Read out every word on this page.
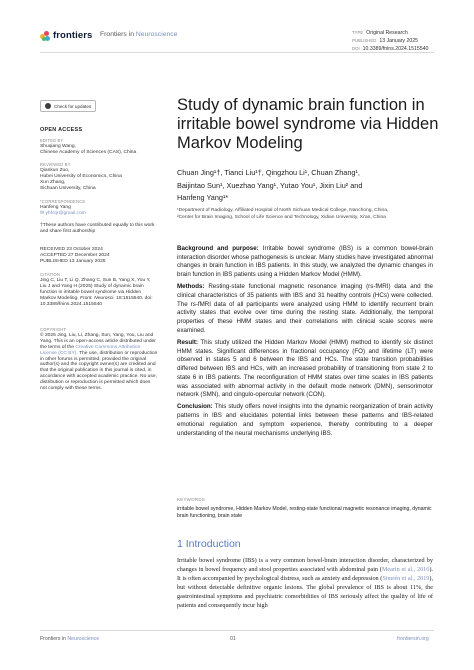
frontiers Frontiers in Neuroscience	TYPE Original Research
PUBLISHED 13 January 2025
DOI 10.3389/fnins.2024.1515540
Check for updates
OPEN ACCESS
EDITED BY
Shuqiang Wang,
Chinese Academy of Sciences (CAS), China
REVIEWED BY
Qiankun Zuo,
Hubei University of Economics, China
Xun Zhang,
Sichuan University, China
*CORRESPONDENCE
Hanfeng Yang
✉ yhfctjr@gmail.com
†These authors have contributed equally to this work and share first authorship
RECEIVED 23 October 2024
ACCEPTED 27 December 2024
PUBLISHED 13 January 2025
CITATION
Jing C, Liu T, Li Q, Zhang C, Sun B, Yang X, You Y, Liu J and Yang H (2025) Study of dynamic brain function in irritable bowel syndrome via Hidden Markov Modeling. Front. Neurosci. 18:1515540. doi: 10.3389/fnins.2024.1515540
COPYRIGHT
© 2025 Jing, Liu, Li, Zhang, Sun, Yang, You, Liu and Yang. This is an open-access article distributed under the terms of the Creative Commons Attribution License (CC BY). The use, distribution or reproduction in other forums is permitted, provided the original author(s) and the copyright owner(s) are credited and that the original publication in this journal is cited, in accordance with accepted academic practice. No use, distribution or reproduction is permitted which does not comply with these terms.
Study of dynamic brain function in irritable bowel syndrome via Hidden Markov Modeling
Chuan Jing¹†, Tianci Liu¹†, Qingzhou Li¹, Chuan Zhang¹,
Baijintao Sun¹, Xuezhao Yang¹, Yutao You¹, Jixin Liu² and
Hanfeng Yang¹*
¹Department of Radiology, Affiliated Hospital of North Sichuan Medical College, Nanchong, China,
²Center for Brain Imaging, School of Life Science and Technology, Xidian University, Xi'an, China

Background and purpose: Irritable bowel syndrome (IBS) is a common bowel-brain interaction disorder whose pathogenesis is unclear. Many studies have investigated abnormal changes in brain function in IBS patients. In this study, we analyzed the dynamic changes in brain function in IBS patients using a Hidden Markov Model (HMM).

Methods: Resting-state functional magnetic resonance imaging (rs-fMRI) data and the clinical characteristics of 35 patients with IBS and 31 healthy controls (HCs) were collected. The rs-fMRI data of all participants were analyzed using HMM to identify recurrent brain activity states that evolve over time during the resting state. Additionally, the temporal properties of these HMM states and their correlations with clinical scale scores were examined.

Result: This study utilized the Hidden Markov Model (HMM) method to identify six distinct HMM states. Significant differences in fractional occupancy (FO) and lifetime (LT) were observed in states 5 and 6 between the IBS and HCs. The state transition probabilities differed between IBS and HCs, with an increased probability of transitioning from state 2 to state 6 in IBS patients. The reconfiguration of HMM states over time scales in IBS patients was associated with abnormal activity in the default mode network (DMN), sensorimotor network (SMN), and cingulo-opercular network (CON).

Conclusion: This study offers novel insights into the dynamic reorganization of brain activity patterns in IBS and elucidates potential links between these patterns and IBS-related emotional regulation and symptom experience, thereby contributing to a deeper understanding of the neural mechanisms underlying IBS.

KEYWORDS
irritable bowel syndrome, Hidden Markov Model, resting-state functional magnetic resonance imaging, dynamic brain functioning, brain state
1 Introduction
Irritable bowel syndrome (IBS) is a very common bowel-brain interaction disorder, characterized by changes in bowel frequency and stool properties associated with abdominal pain (Mearin et al., 2016). It is often accompanied by psychological distress, such as anxiety and depression (Simrén et al., 2019), but without detectable definitive organic lesions. The global prevalence of IBS is about 11%, the gastrointestinal symptoms and psychiatric comorbidities of IBS seriously affect the quality of life of patients and consequently incur high
Frontiers in Neuroscience	01	frontiersin.org
